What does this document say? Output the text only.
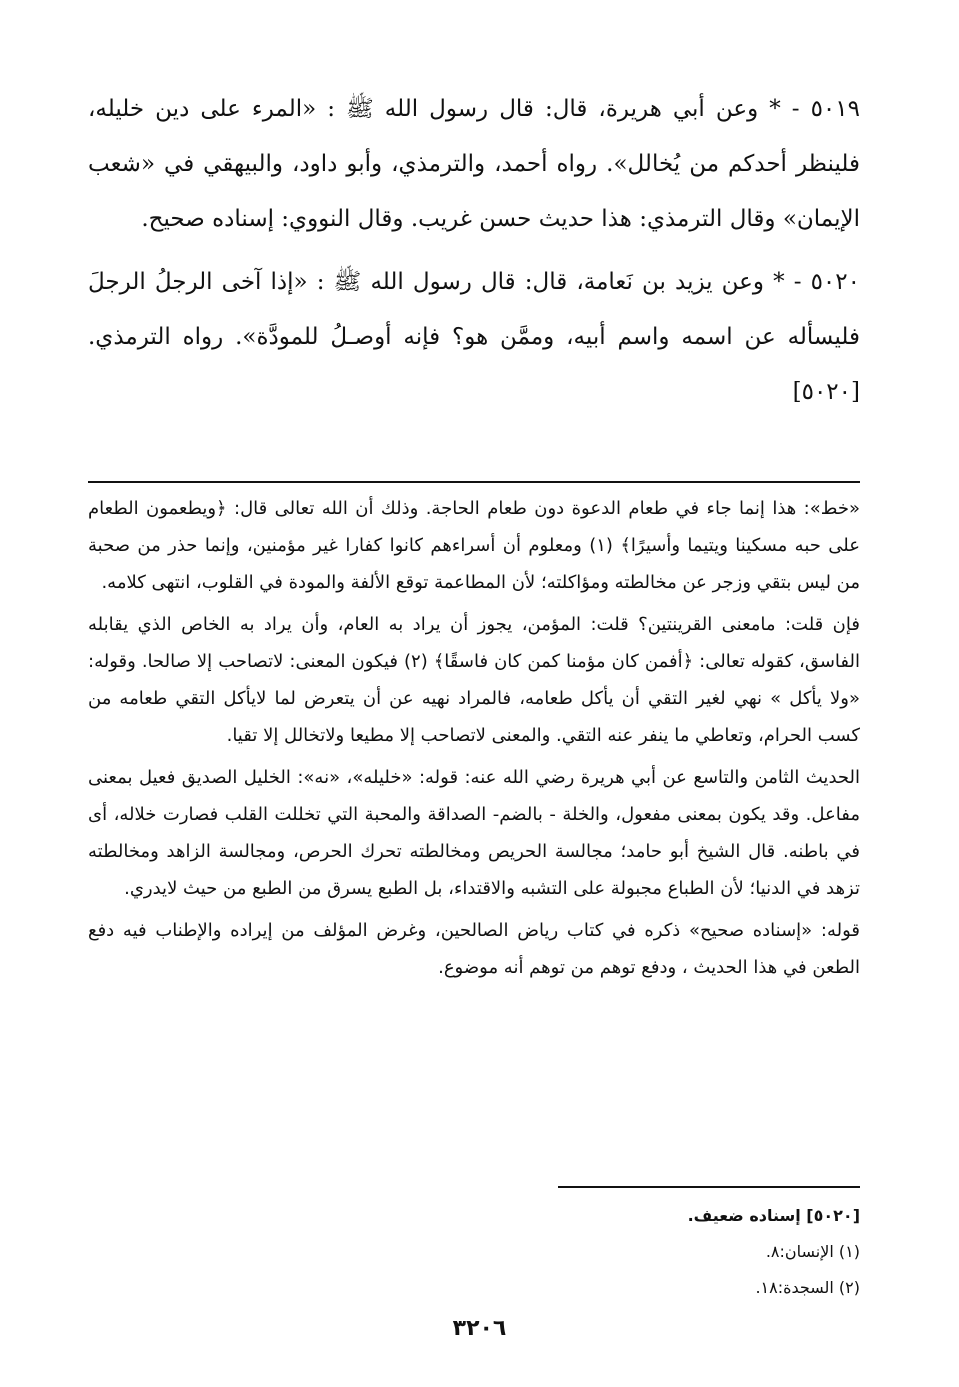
٥٠١٩ - * وعن أبي هريرة، قال: قال رسول الله ﷺ : «المرء على دين خليله، فلينظر أحدكم من يُخالل». رواه أحمد، والترمذي، وأبو داود، والبيهقي في «شعب الإيمان» وقال الترمذي: هذا حديث حسن غريب. وقال النووي: إسناده صحيح.

٥٠٢٠ - * وعن يزيد بن نَعامة، قال: قال رسول الله ﷺ : «إذا آخى الرجلُ الرجلَ فليسأله عن اسمه واسم أبيه، وممَّن هو؟ فإنه أوصـلُ للمودَّة». رواه الترمذي. [٥٠٢٠]

«خط»: هذا إنما جاء في طعام الدعوة دون طعام الحاجة. وذلك أن الله تعالى قال: ﴿ويطعمون الطعام على حبه مسكينا ويتيما وأسيرًا﴾ (١) ومعلوم أن أسراءهم كانوا كفارا غير مؤمنين، وإنما حذر من صحبة من ليس بتقي وزجر عن مخالطته ومؤاكلته؛ لأن المطاعمة توقع الألفة والمودة في القلوب، انتهى كلامه.

فإن قلت: مامعنى القرينتين؟ قلت: المؤمن، يجوز أن يراد به العام، وأن يراد به الخاص الذي يقابله الفاسق، كقوله تعالى: ﴿أفمن كان مؤمنا كمن كان فاسقًا﴾ (٢) فيكون المعنى: لاتصاحب إلا صالحا. وقوله: «ولا يأكل » نهي لغير التقي أن يأكل طعامه، فالمراد نهيه عن أن يتعرض لما لايأكل التقي طعامه من كسب الحرام، وتعاطي ما ينفر عنه التقي. والمعنى لاتصاحب إلا مطيعا ولاتخالل إلا تقيا.

الحديث الثامن والتاسع عن أبي هريرة رضي الله عنه: قوله: «خليله»، «نه»: الخليل الصديق فعيل بمعنى مفاعل. وقد يكون بمعنى مفعول، والخلة - بالضم- الصداقة والمحبة التي تخللت القلب فصارت خلاله، أى في باطنه. قال الشيخ أبو حامد؛ مجالسة الحريص ومخالطته تحرك الحرص، ومجالسة الزاهد ومخالطته تزهد في الدنيا؛ لأن الطباع مجبولة على التشبه والاقتداء، بل الطبع يسرق من الطبع من حيث لايدري.

قوله: «إسناده صحيح» ذكره في كتاب رياض الصالحين، وغرض المؤلف من إيراده والإطناب فيه دفع الطعن في هذا الحديث ، ودفع توهم من توهم أنه موضوع.

[٥٠٢٠] إسناده ضعيف.
(١) الإنسان:٨.
(٢) السجدة:١٨.
٣٢٠٦
